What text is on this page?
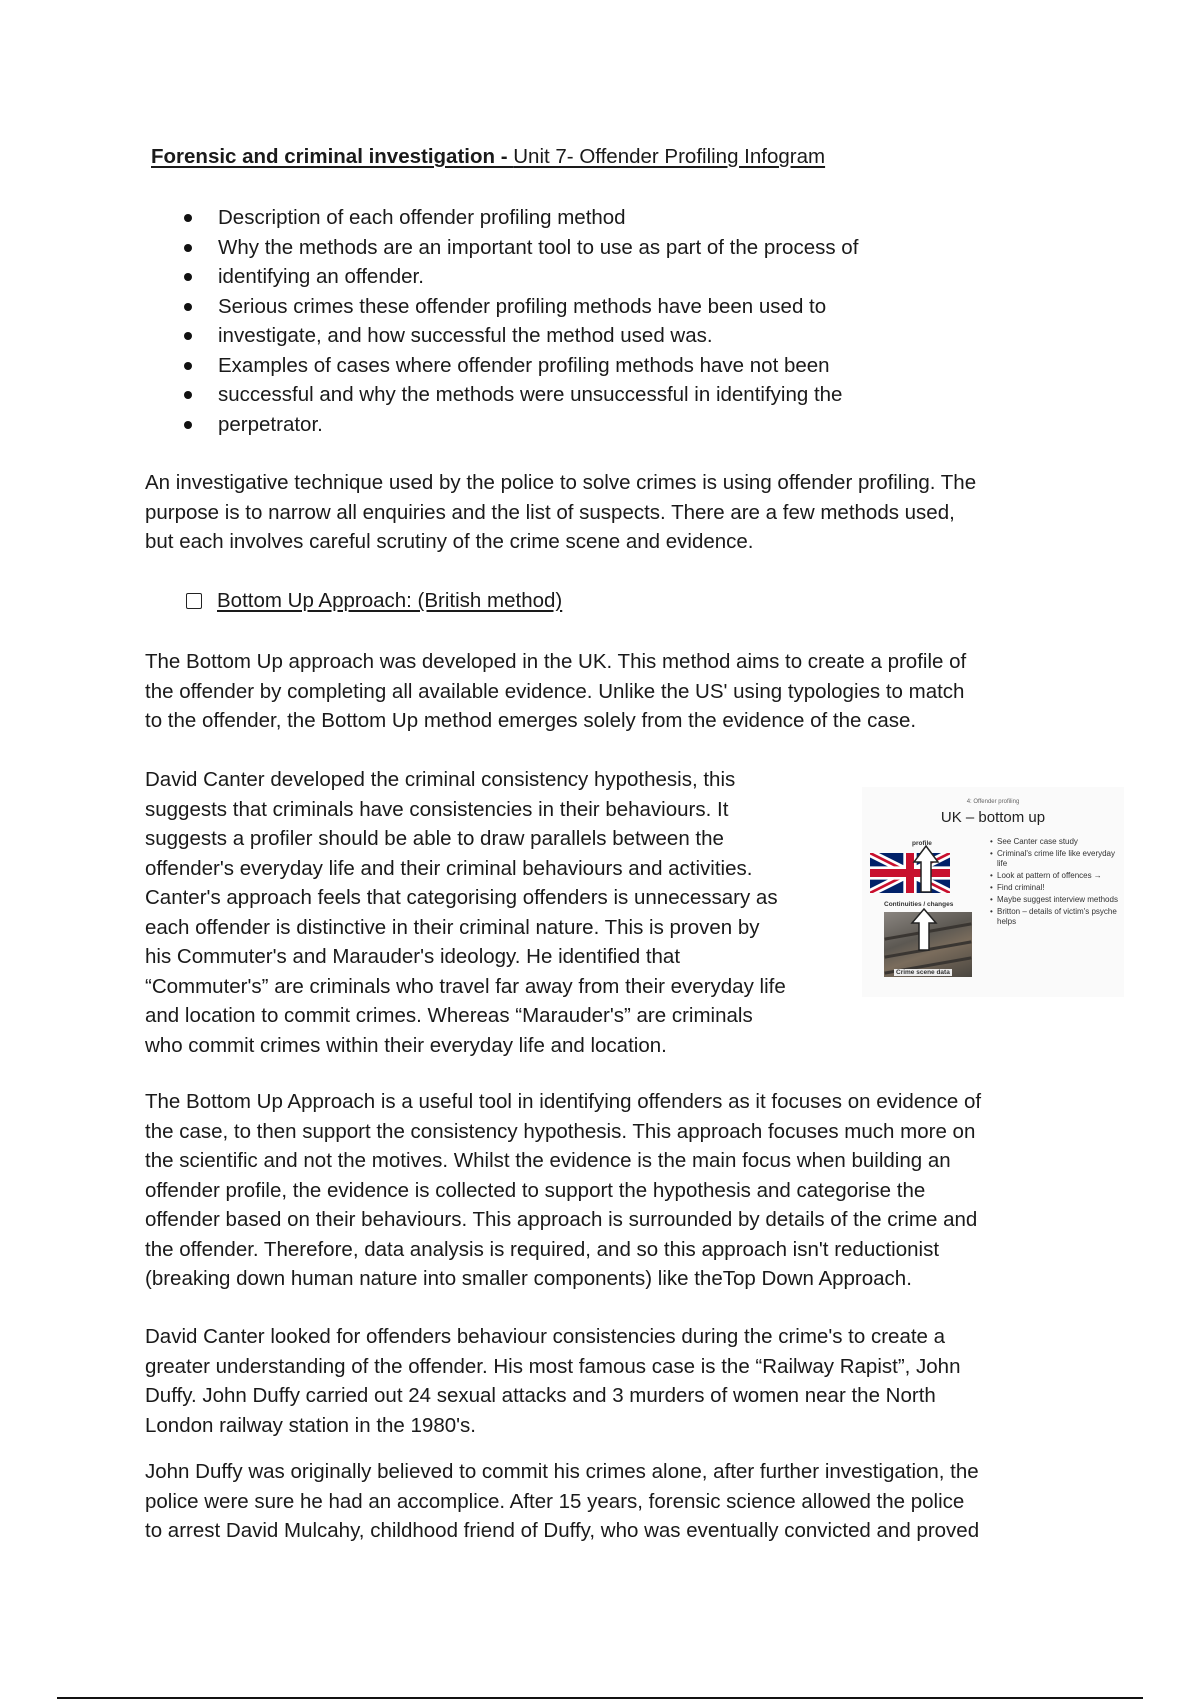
Forensic and criminal investigation - Unit 7- Offender Profiling Infogram
Description of each offender profiling method
Why the methods are an important tool to use as part of the process of
identifying an offender.
Serious crimes these offender profiling methods have been used to
investigate, and how successful the method used was.
Examples of cases where offender profiling methods have not been
successful and why the methods were unsuccessful in identifying the
perpetrator.

An investigative technique used by the police to solve crimes is using offender profiling. The
purpose is to narrow all enquiries and the list of suspects. There are a few methods used,
but each involves careful scrutiny of the crime scene and evidence.

Bottom Up Approach: (British method)

The Bottom Up approach was developed in the UK. This method aims to create a profile of
the offender by completing all available evidence. Unlike the US' using typologies to match
to the offender, the Bottom Up method emerges solely from the evidence of the case.

David Canter developed the criminal consistency hypothesis, this
suggests that criminals have consistencies in their behaviours. It
suggests a profiler should be able to draw parallels between the
offender's everyday life and their criminal behaviours and activities.
Canter's approach feels that categorising offenders is unnecessary as
each offender is distinctive in their criminal nature. This is proven by
his Commuter's and Marauder's ideology. He identified that
“Commuter's” are criminals who travel far away from their everyday life
and location to commit crimes. Whereas “Marauder's” are criminals
who commit crimes within their everyday life and location.

4: Offender profiling
UK – bottom up
profile
Continuities / changes
Crime scene data
• See Canter case study
• Criminal's crime life like everyday life
• Look at pattern of offences →
• Find criminal!
• Maybe suggest interview methods
• Britton – details of victim's psyche helps

The Bottom Up Approach is a useful tool in identifying offenders as it focuses on evidence of
the case, to then support the consistency hypothesis. This approach focuses much more on
the scientific and not the motives. Whilst the evidence is the main focus when building an
offender profile, the evidence is collected to support the hypothesis and categorise the
offender based on their behaviours. This approach is surrounded by details of the crime and
the offender. Therefore, data analysis is required, and so this approach isn't reductionist
(breaking down human nature into smaller components) like theTop Down Approach.

David Canter looked for offenders behaviour consistencies during the crime's to create a
greater understanding of the offender. His most famous case is the “Railway Rapist”, John
Duffy. John Duffy carried out 24 sexual attacks and 3 murders of women near the North
London railway station in the 1980's.

John Duffy was originally believed to commit his crimes alone, after further investigation, the
police were sure he had an accomplice. After 15 years, forensic science allowed the police
to arrest David Mulcahy, childhood friend of Duffy, who was eventually convicted and proved
